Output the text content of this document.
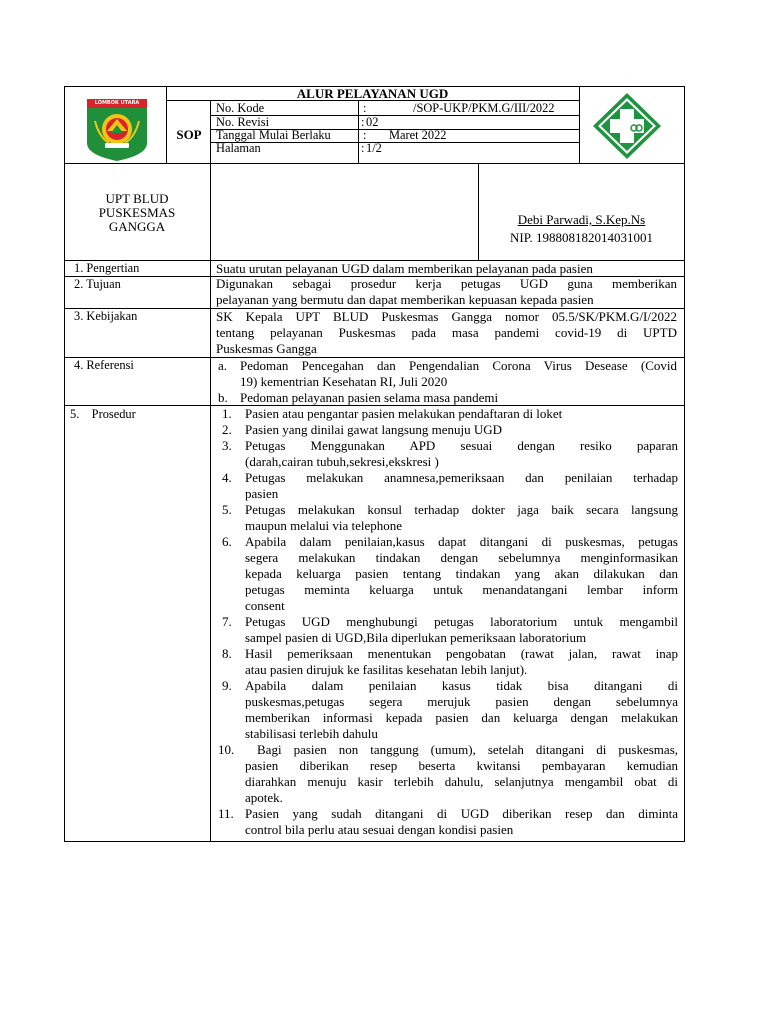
ALUR PELAYANAN UGD
SOP
No. Kode	:	/SOP-UKP/PKM.G/III/2022
No. Revisi	: 02
Tanggal Mulai Berlaku	: Maret 2022
Halaman	: 1/2
LOMBOK UTARA
UPT BLUD
PUSKESMAS
GANGGA	Debi Parwadi, S.Kep.Ns
NIP. 198808182014031001
1. Pengertian	Suatu urutan pelayanan UGD dalam memberikan pelayanan pada pasien
2. Tujuan	Digunakan sebagai prosedur kerja petugas UGD guna memberikan
pelayanan yang bermutu dan dapat memberikan kepuasan kepada pasien
3. Kebijakan	SK Kepala UPT BLUD Puskesmas Gangga nomor 05.5/SK/PKM.G/I/2022
tentang pelayanan Puskesmas pada masa pandemi covid-19 di UPTD
Puskesmas Gangga
4. Referensi	a. Pedoman Pencegahan dan Pengendalian Corona Virus Desease (Covid
19) kementrian Kesehatan RI, Juli 2020
b. Pedoman pelayanan pasien selama masa pandemi
5.    Prosedur	1. Pasien atau pengantar pasien melakukan pendaftaran di loket
2. Pasien yang dinilai gawat langsung menuju UGD
3. Petugas Menggunakan APD sesuai dengan resiko paparan
(darah,cairan tubuh,sekresi,ekskresi )
4. Petugas melakukan anamnesa,pemeriksaan dan penilaian terhadap
pasien
5. Petugas melakukan konsul terhadap dokter jaga baik secara langsung
maupun melalui via telephone
6. Apabila dalam penilaian,kasus dapat ditangani di puskesmas, petugas
segera melakukan tindakan dengan sebelumnya menginformasikan
kepada keluarga pasien tentang tindakan yang akan dilakukan dan
petugas meminta keluarga untuk menandatangani lembar inform
consent
7. Petugas UGD menghubungi petugas laboratorium untuk mengambil
sampel pasien di UGD,Bila diperlukan pemeriksaan laboratorium
8. Hasil pemeriksaan menentukan pengobatan (rawat jalan, rawat inap
atau pasien dirujuk ke fasilitas kesehatan lebih lanjut).
9. Apabila dalam penilaian kasus tidak bisa ditangani di
puskesmas,petugas segera merujuk pasien dengan sebelumnya
memberikan informasi kepada pasien dan keluarga dengan melakukan
stabilisasi terlebih dahulu
10. Bagi pasien non tanggung (umum), setelah ditangani di puskesmas,
pasien diberikan resep beserta kwitansi pembayaran kemudian
diarahkan menuju kasir terlebih dahulu, selanjutnya mengambil obat di
apotek.
11. Pasien yang sudah ditangani di UGD diberikan resep dan diminta
control bila perlu atau sesuai dengan kondisi pasien
